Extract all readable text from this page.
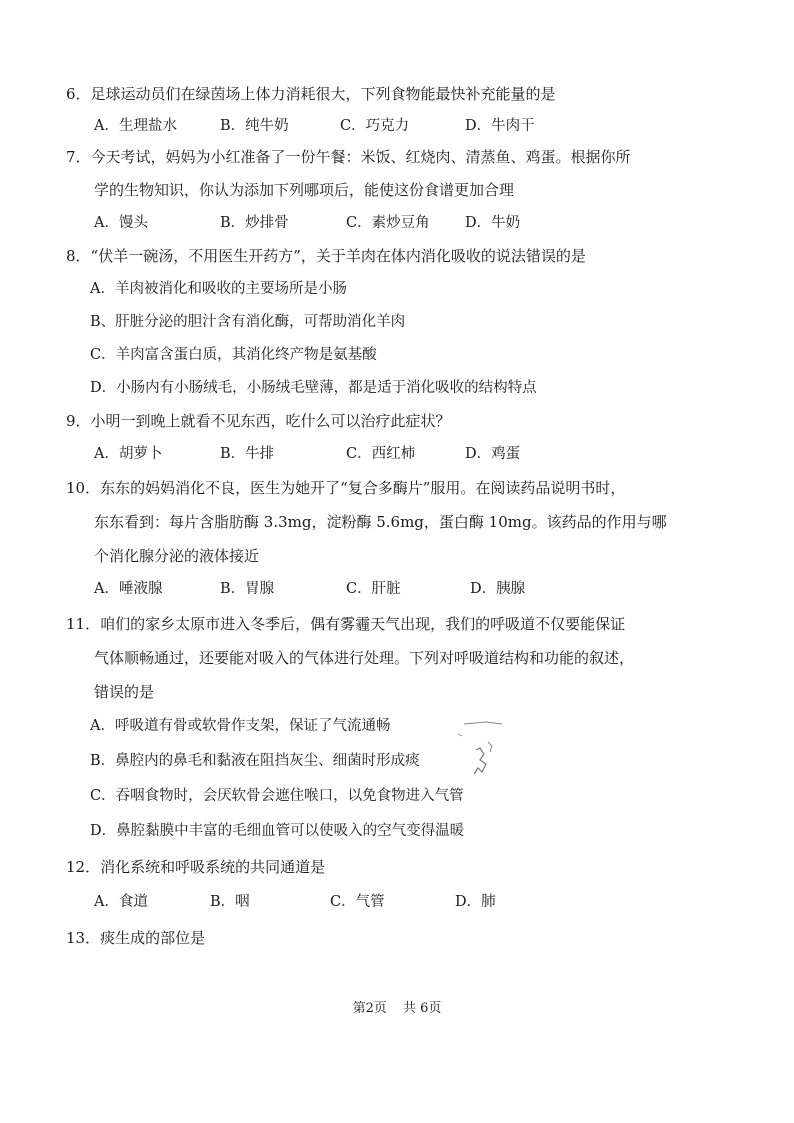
6．足球运动员们在绿茵场上体力消耗很大，下列食物能最快补充能量的是
A．生理盐水	B．纯牛奶	C．巧克力	D．牛肉干
7．今天考试，妈妈为小红准备了一份午餐：米饭、红烧肉、清蒸鱼、鸡蛋。根据你所
学的生物知识，你认为添加下列哪项后，能使这份食谱更加合理
A．馒头	B．炒排骨	C．素炒豆角 D．牛奶
8．“伏羊一碗汤，不用医生开药方”，关于羊肉在体内消化吸收的说法错误的是
A．羊肉被消化和吸收的主要场所是小肠
B、肝脏分泌的胆汁含有消化酶，可帮助消化羊肉
C．羊肉富含蛋白质，其消化终产物是氨基酸
D．小肠内有小肠绒毛，小肠绒毛壁薄，都是适于消化吸收的结构特点
9．小明一到晚上就看不见东西，吃什么可以治疗此症状？
A．胡萝卜	B．牛排	C．西红柿	D．鸡蛋
10．东东的妈妈消化不良，医生为她开了“复合多酶片”服用。在阅读药品说明书时，
东东看到：每片含脂肪酶 3.3mg，淀粉酶 5.6mg，蛋白酶 10mg。该药品的作用与哪
个消化腺分泌的液体接近
A．唾液腺	B．胃腺	C．肝脏	D．胰腺
11．咱们的家乡太原市进入冬季后，偶有雾霾天气出现，我们的呼吸道不仅要能保证
气体顺畅通过，还要能对吸入的气体进行处理。下列对呼吸道结构和功能的叙述，
错误的是
A．呼吸道有骨或软骨作支架，保证了气流通畅
B．鼻腔内的鼻毛和黏液在阻挡灰尘、细菌时形成痰
C．吞咽食物时，会厌软骨会遮住喉口，以免食物进入气管
D．鼻腔黏膜中丰富的毛细血管可以使吸入的空气变得温暖
12．消化系统和呼吸系统的共同通道是
A．食道	B．咽	C．气管	D．肺
13．痰生成的部位是
第2页 共 6页
